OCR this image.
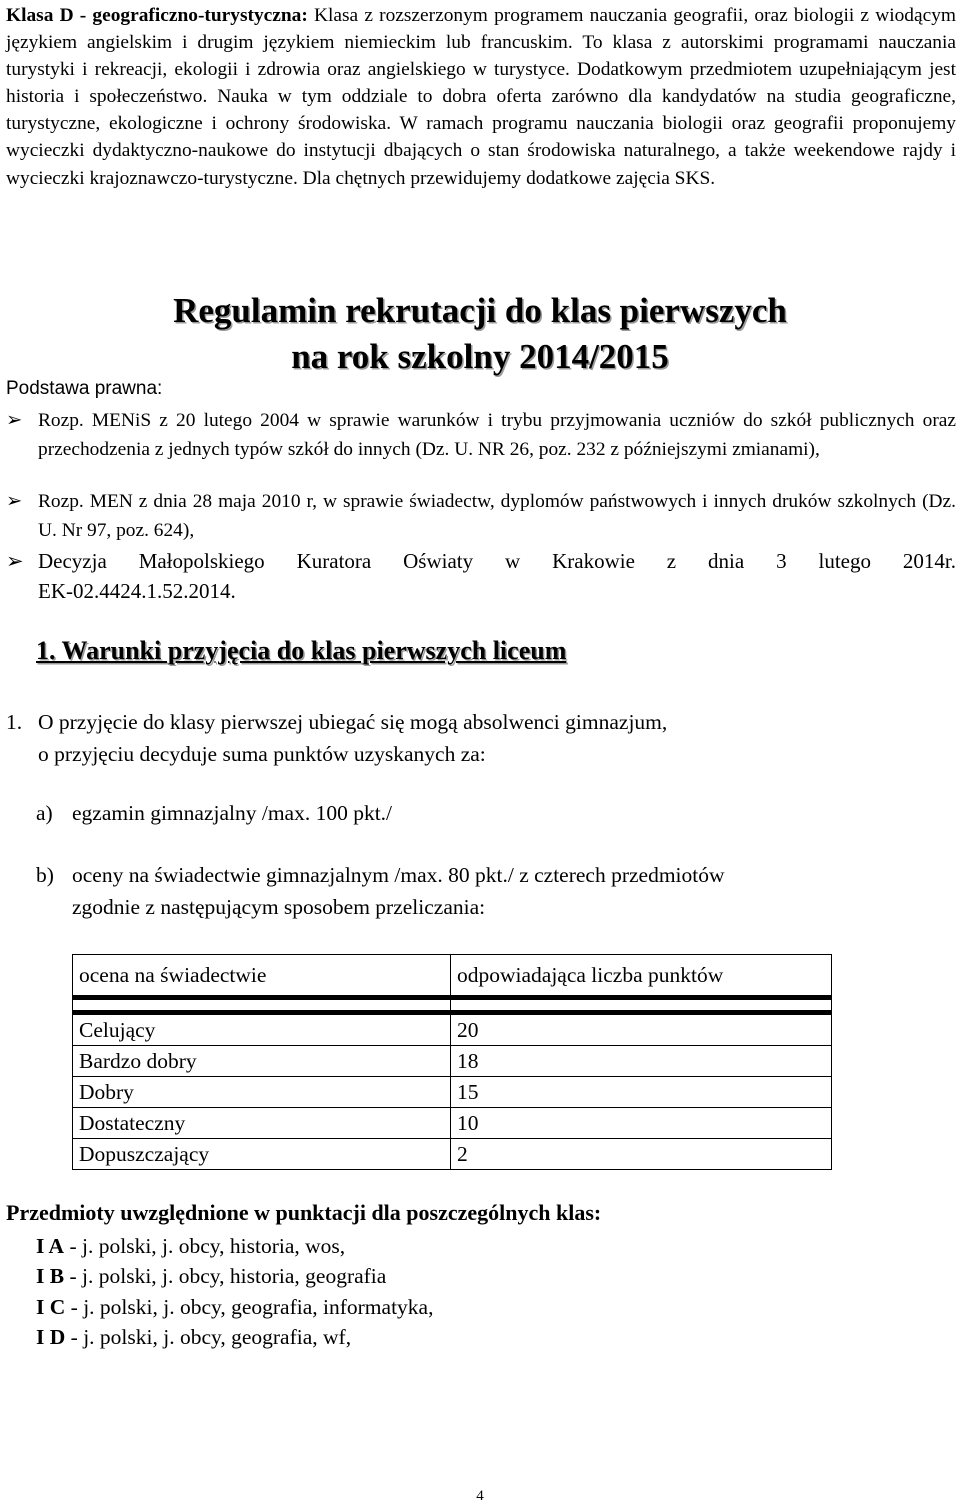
Klasa D - geograficzno-turystyczna: Klasa z rozszerzonym programem nauczania geografii, oraz biologii z wiodącym językiem angielskim i drugim językiem niemieckim lub francuskim. To klasa z autorskimi programami nauczania turystyki i rekreacji, ekologii i zdrowia oraz angielskiego w turystyce. Dodatkowym przedmiotem uzupełniającym jest historia i społeczeństwo. Nauka w tym oddziale to dobra oferta zarówno dla kandydatów na studia geograficzne, turystyczne, ekologiczne i ochrony środowiska. W ramach programu nauczania biologii oraz geografii proponujemy wycieczki dydaktyczno-naukowe do instytucji dbających o stan środowiska naturalnego, a także weekendowe rajdy i wycieczki krajoznawczo-turystyczne. Dla chętnych przewidujemy dodatkowe zajęcia SKS.
Regulamin rekrutacji do klas pierwszych
na rok szkolny 2014/2015
Podstawa prawna:
➢ Rozp. MENiS z 20 lutego 2004 w sprawie warunków i trybu przyjmowania uczniów do szkół publicznych oraz przechodzenia z jednych typów szkół do innych (Dz. U. NR 26, poz. 232 z późniejszymi zmianami),
➢ Rozp. MEN z dnia 28 maja 2010 r, w sprawie świadectw, dyplomów państwowych i innych druków szkolnych (Dz. U. Nr 97, poz. 624),
➢ Decyzja Małopolskiego Kuratora Oświaty w Krakowie z dnia 3 lutego 2014r.
EK-02.4424.1.52.2014.
1. Warunki przyjęcia do klas pierwszych liceum
1. O przyjęcie do klasy pierwszej ubiegać się mogą absolwenci gimnazjum,
o przyjęciu decyduje suma punktów uzyskanych za:
a) egzamin gimnazjalny /max. 100 pkt./
b) oceny na świadectwie gimnazjalnym /max. 80 pkt./ z czterech przedmiotów
zgodnie z następującym sposobem przeliczania:
ocena na świadectwie	odpowiadająca liczba punktów

Celujący	20
Bardzo dobry	18
Dobry	15
Dostateczny	10
Dopuszczający	2
Przedmioty uwzględnione w punktacji dla poszczególnych klas:
I A - j. polski, j. obcy, historia, wos,
I B - j. polski, j. obcy, historia, geografia
I C - j. polski, j. obcy, geografia, informatyka,
I D - j. polski, j. obcy, geografia, wf,
4
